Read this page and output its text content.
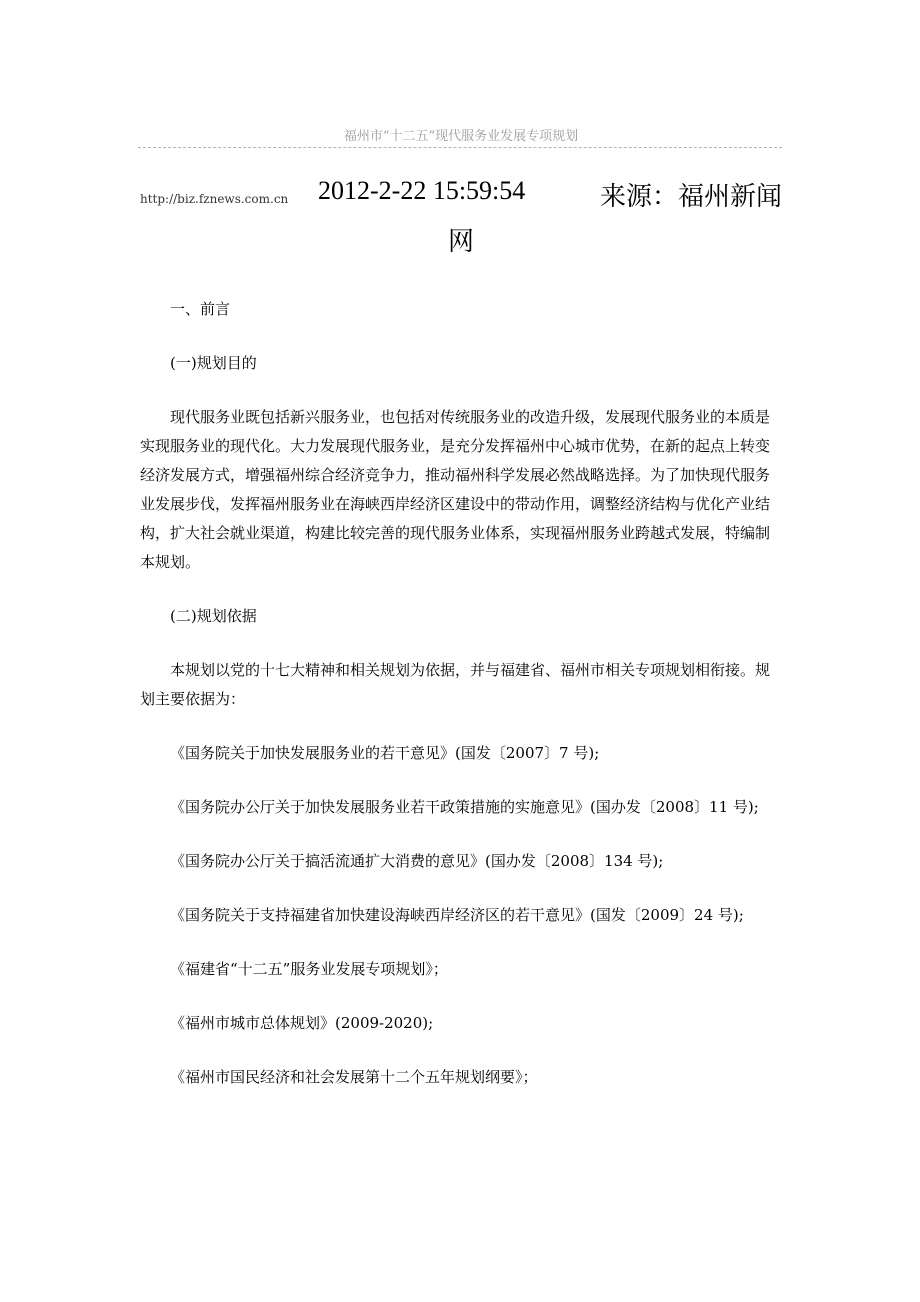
福州市“十二五”现代服务业发展专项规划
http://biz.fznews.com.cn 2012-2-22 15:59:54	来源：福州新闻
网

一、前言

(一)规划目的

现代服务业既包括新兴服务业，也包括对传统服务业的改造升级，发展现代服务业的本质是实现服务业的现代化。大力发展现代服务业，是充分发挥福州中心城市优势，在新的起点上转变经济发展方式，增强福州综合经济竞争力，推动福州科学发展必然战略选择。为了加快现代服务业发展步伐，发挥福州服务业在海峡西岸经济区建设中的带动作用，调整经济结构与优化产业结构，扩大社会就业渠道，构建比较完善的现代服务业体系，实现福州服务业跨越式发展，特编制本规划。

(二)规划依据

本规划以党的十七大精神和相关规划为依据，并与福建省、福州市相关专项规划相衔接。规划主要依据为：

《国务院关于加快发展服务业的若干意见》(国发〔2007〕7 号);

《国务院办公厅关于加快发展服务业若干政策措施的实施意见》(国办发〔2008〕11 号);

《国务院办公厅关于搞活流通扩大消费的意见》(国办发〔2008〕134 号);

《国务院关于支持福建省加快建设海峡西岸经济区的若干意见》(国发〔2009〕24 号);

《福建省“十二五”服务业发展专项规划》；

《福州市城市总体规划》(2009-2020);

《福州市国民经济和社会发展第十二个五年规划纲要》；
